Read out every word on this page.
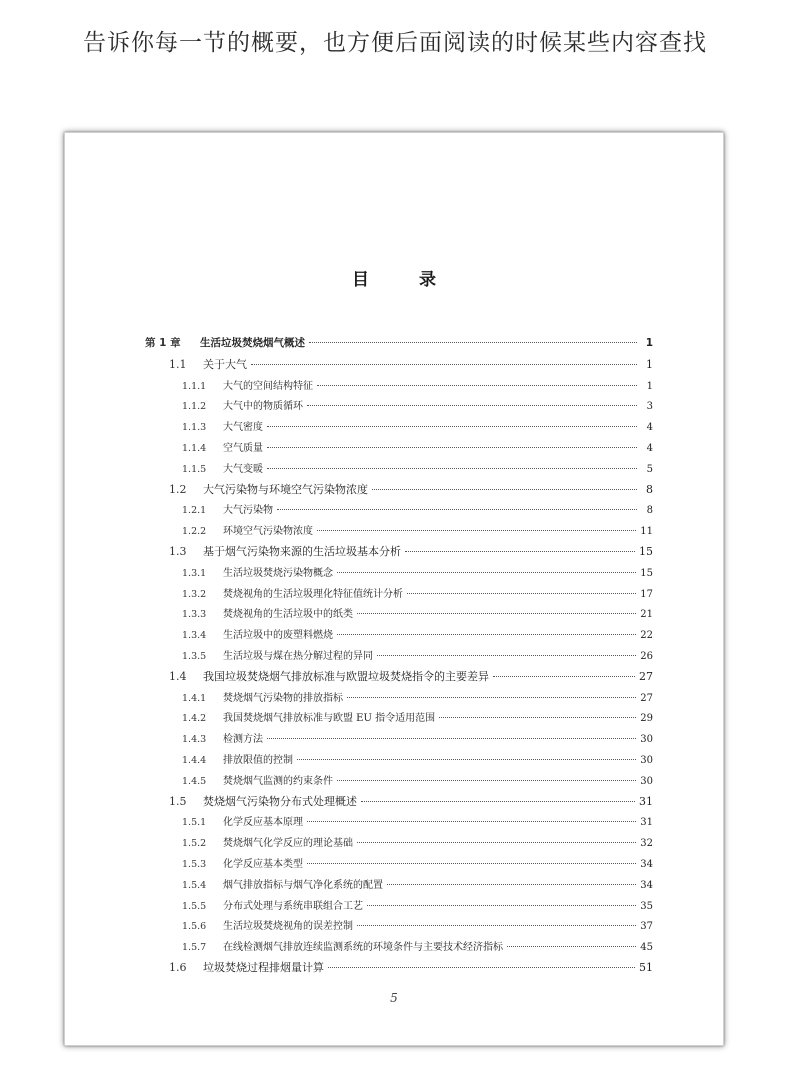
告诉你每一节的概要，也方便后面阅读的时候某些内容查找
目	录
第 1 章	生活垃圾焚烧烟气概述	1
1.1	关于大气	1
1.1.1	大气的空间结构特征	1
1.1.2	大气中的物质循环	3
1.1.3	大气密度	4
1.1.4	空气质量	4
1.1.5	大气变暖	5
1.2	大气污染物与环境空气污染物浓度	8
1.2.1	大气污染物	8
1.2.2	环境空气污染物浓度	11
1.3	基于烟气污染物来源的生活垃圾基本分析	15
1.3.1	生活垃圾焚烧污染物概念	15
1.3.2	焚烧视角的生活垃圾理化特征值统计分析	17
1.3.3	焚烧视角的生活垃圾中的纸类	21
1.3.4	生活垃圾中的废塑料燃烧	22
1.3.5	生活垃圾与煤在热分解过程的异同	26
1.4	我国垃圾焚烧烟气排放标准与欧盟垃圾焚烧指令的主要差异	27
1.4.1	焚烧烟气污染物的排放指标	27
1.4.2	我国焚烧烟气排放标准与欧盟 EU 指令适用范围	29
1.4.3	检测方法	30
1.4.4	排放限值的控制	30
1.4.5	焚烧烟气监测的约束条件	30
1.5	焚烧烟气污染物分布式处理概述	31
1.5.1	化学反应基本原理	31
1.5.2	焚烧烟气化学反应的理论基础	32
1.5.3	化学反应基本类型	34
1.5.4	烟气排放指标与烟气净化系统的配置	34
1.5.5	分布式处理与系统串联组合工艺	35
1.5.6	生活垃圾焚烧视角的误差控制	37
1.5.7	在线检测烟气排放连续监测系统的环境条件与主要技术经济指标	45
1.6	垃圾焚烧过程排烟量计算	51
5
